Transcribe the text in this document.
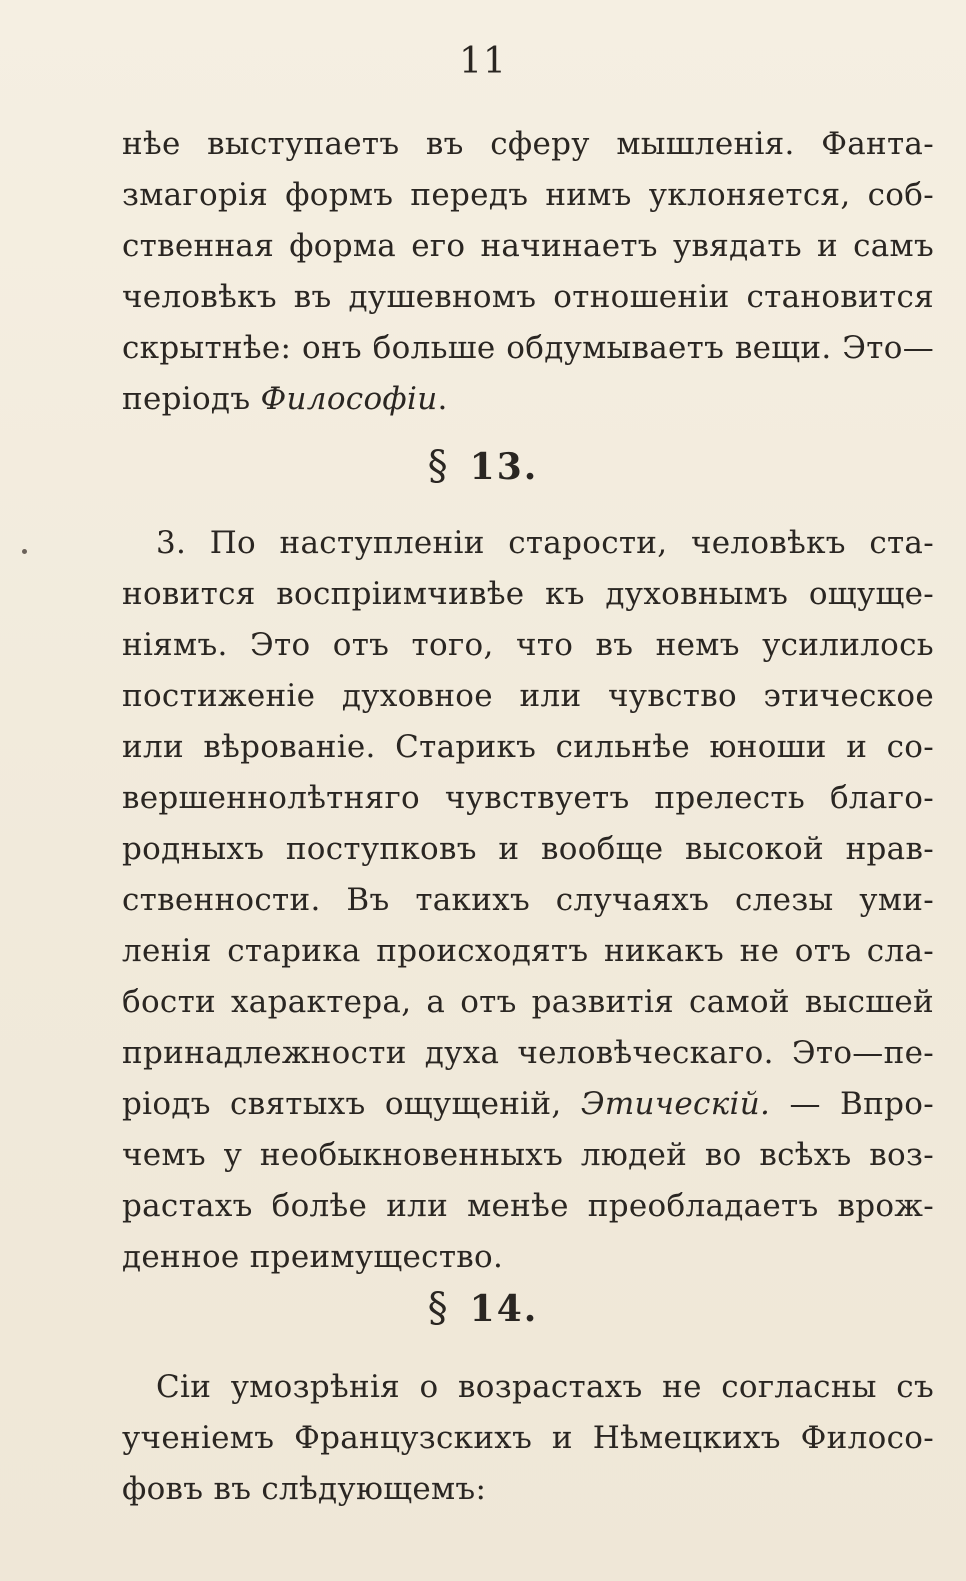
11
нѣе выступаетъ въ сферу мышленія. Фанта-
змагорія формъ передъ нимъ уклоняется, соб-
ственная форма его начинаетъ увядать и самъ
человѣкъ въ душевномъ отношеніи становится
скрытнѣе: онъ больше обдумываетъ вещи. Это—
періодъ Философіи.
§ 13.
3. По наступленіи старости, человѣкъ ста-
новится воспріимчивѣе къ духовнымъ ощуще-
ніямъ. Это отъ того, что въ немъ усилилось
постиженіе духовное или чувство этическое
или вѣрованіе. Старикъ сильнѣе юноши и со-
вершеннолѣтняго чувствуетъ прелесть благо-
родныхъ поступковъ и вообще высокой нрав-
ственности. Въ такихъ случаяхъ слезы уми-
ленія старика происходятъ никакъ не отъ сла-
бости характера, а отъ развитія самой высшей
принадлежности духа человѣческаго. Это—пе-
ріодъ святыхъ ощущеній, Этическій. — Впро-
чемъ у необыкновенныхъ людей во всѣхъ воз-
растахъ болѣе или менѣе преобладаетъ врож-
денное преимущество.
§ 14.
Сіи умозрѣнія о возрастахъ не согласны съ
ученіемъ Французскихъ и Нѣмецкихъ Филосо-
фовъ въ слѣдующемъ:
